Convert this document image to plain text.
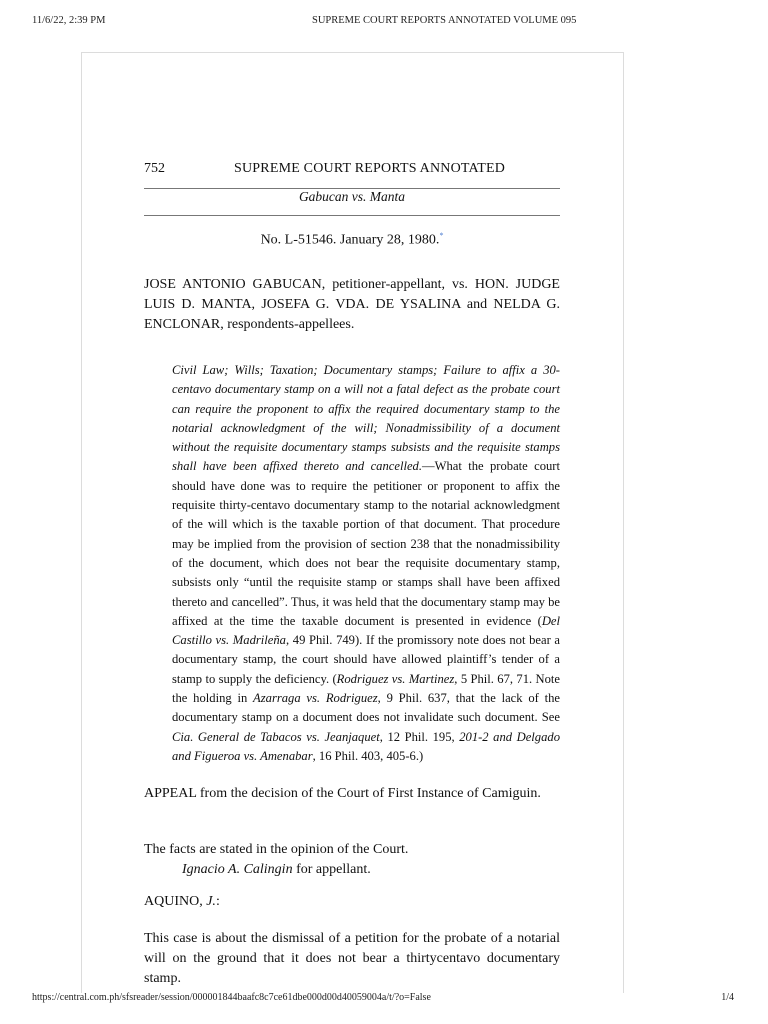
11/6/22, 2:39 PM	SUPREME COURT REPORTS ANNOTATED VOLUME 095
752	SUPREME COURT REPORTS ANNOTATED
Gabucan vs. Manta
No. L-51546. January 28, 1980.*
JOSE ANTONIO GABUCAN, petitioner-appellant, vs. HON. JUDGE LUIS D. MANTA, JOSEFA G. VDA. DE YSALINA and NELDA G. ENCLONAR, respondents-appellees.
Civil Law; Wills; Taxation; Documentary stamps; Failure to affix a 30-centavo documentary stamp on a will not a fatal defect as the probate court can require the proponent to affix the required documentary stamp to the notarial acknowledgment of the will; Nonadmissibility of a document without the requisite documentary stamps subsists and the requisite stamps shall have been affixed thereto and cancelled.—What the probate court should have done was to require the petitioner or proponent to affix the requisite thirty-centavo documentary stamp to the notarial acknowledgment of the will which is the taxable portion of that document. That procedure may be implied from the provision of section 238 that the nonadmissibility of the document, which does not bear the requisite documentary stamp, subsists only “until the requisite stamp or stamps shall have been affixed thereto and cancelled”. Thus, it was held that the documentary stamp may be affixed at the time the taxable document is presented in evidence (Del Castillo vs. Madrileña, 49 Phil. 749). If the promissory note does not bear a documentary stamp, the court should have allowed plaintiff’s tender of a stamp to supply the deficiency. (Rodriguez vs. Martinez, 5 Phil. 67, 71. Note the holding in Azarraga vs. Rodriguez, 9 Phil. 637, that the lack of the documentary stamp on a document does not invalidate such document. See Cia. General de Tabacos vs. Jeanjaquet, 12 Phil. 195, 201-2 and Delgado and Figueroa vs. Amenabar, 16 Phil. 403, 405-6.)
APPEAL from the decision of the Court of First Instance of Camiguin.
The facts are stated in the opinion of the Court.
Ignacio A. Calingin for appellant.
AQUINO, J.:
This case is about the dismissal of a petition for the probate of a notarial will on the ground that it does not bear a thirtycentavo documentary stamp.
https://central.com.ph/sfsreader/session/000001844baafc8c7ce61dbe000d00d40059004a/t/?o=False	1/4
